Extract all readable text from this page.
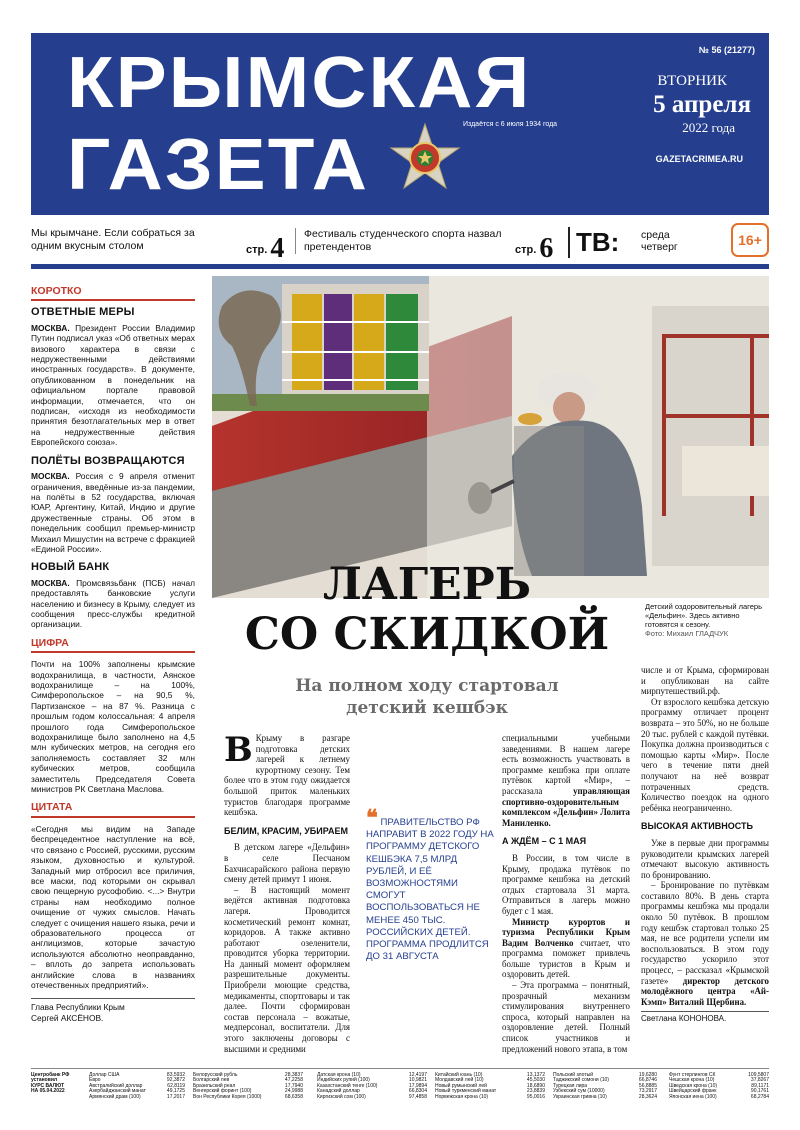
КРЫМСКАЯ
ГАЗЕТА
Издаётся с 6 июля 1934 года
№ 56 (21277)
ВТОРНИК
5 апреля
2022 года
GAZETACRIMEA.RU
Мы крымчане. Если собраться за одним вкусным столом	стр. 4	Фестиваль студенческого спорта назвал претендентов	стр. 6 ТВ: среда четверг	16+
КОРОТКО
ОТВЕТНЫЕ МЕРЫ
МОСКВА. Президент России Владимир Путин подписал указ «Об ответных мерах визового характера в связи с недружественными действиями иностранных государств». В документе, опубликованном в понедельник на официальном портале правовой информации, отмечается, что он подписан, «исходя из необходимости принятия безотлагательных мер в ответ на недружественные действия Европейского союза».
ПОЛЁТЫ ВОЗВРАЩАЮТСЯ
МОСКВА. Россия с 9 апреля отменит ограничения, введённые из-за пандемии, на полёты в 52 государства, включая ЮАР, Аргентину, Китай, Индию и другие дружественные страны. Об этом в понедельник сообщил премьер-министр Михаил Мишустин на встрече с фракцией «Единой России».
НОВЫЙ БАНК
МОСКВА. Промсвязьбанк (ПСБ) начал предоставлять банковские услуги населению и бизнесу в Крыму, следует из сообщения пресс-службы кредитной организации.
ЦИФРА
Почти на 100% заполнены крымские водохранилища, в частности, Аянское водохранилище – на 100%, Симферопольское – на 90,5 %, Партизанское – на 87 %. Разница с прошлым годом колоссальная: 4 апреля прошлого года Симферопольское водохранилище было заполнено на 4,5 млн кубических метров, на сегодня его заполняемость составляет 32 млн кубических метров, сообщила заместитель Председателя Совета министров РК Светлана Маслова.
ЦИТАТА
«Сегодня мы видим на Западе беспрецедентное наступление на всё, что связано с Россией, русскими, русским языком, духовностью и культурой. Западный мир отбросил все приличия, все маски, под которыми он скрывал свою пещерную русофобию. <...> Внутри страны нам необходимо полное очищение от чужих смыслов. Начать следует с очищения нашего языка, речи и образовательного процесса от англицизмов, которые зачастую используются абсолютно неоправданно, – вплоть до запрета использовать английские слова в названиях отечественных предприятий».
Глава Республики Крым
Сергей АКСЁНОВ.
Детский оздоровительный лагерь «Дельфин». Здесь активно готовятся к сезону.
Фото: Михаил ГЛАДЧУК
ЛАГЕРЬ
СО СКИДКОЙ
На полном ходу стартовал
детский кешбэк
В Крыму в разгаре подготовка детских лагерей к летнему курортному сезону. Тем более что в этом году ожидается большой приток маленьких туристов благодаря программе кешбэка.
БЕЛИМ, КРАСИМ, УБИРАЕМ

В детском лагере «Дельфин» в селе Песчаном Бахчисарайского района первую смену детей примут 1 июня.

– В настоящий момент ведётся активная подготовка лагеря. Проводится косметический ремонт комнат, коридоров. А также активно работают озеленители, проводится уборка территории. На данный момент оформляем разрешительные документы. Приобрели моющие средства, медикаменты, спортговары и так далее. Почти сформирован состав персонала – вожатые, медперсонал, воспитатели. Для этого заключены договоры с высшими и средними

❝ ПРАВИТЕЛЬСТВО РФ НАПРАВИТ В 2022 ГОДУ НА ПРОГРАММУ ДЕТСКОГО КЕШБЭКА 7,5 МЛРД РУБЛЕЙ, И ЕЁ ВОЗМОЖНОСТЯМИ СМОГУТ ВОСПОЛЬЗОВАТЬСЯ НЕ МЕНЕЕ 450 ТЫС. РОССИЙСКИХ ДЕТЕЙ. ПРОГРАММА ПРОДЛИТСЯ ДО 31 АВГУСТА

специальными учебными заведениями. В нашем лагере есть возможность участвовать в программе кешбэка при оплате путёвок картой «Мир», – рассказала	управляющая спортивно-оздоровительным комплексом «Дельфин» Лолита Маниленко.

А ЖДЁМ – С 1 МАЯ

В России, в том числе в Крыму, продажа путёвок по программе кешбэка на детский отдых стартовала 31 марта. Отправиться в лагерь можно будет с 1 мая.

Министр курортов и туризма Республики Крым Вадим Волченко считает, что программа поможет привлечь больше туристов в Крым и оздоровить детей.

– Эта программа – понятный, прозрачный механизм стимулирования внутреннего спроса, который направлен на оздоровление детей. Полный список участников и предложений нового этапа, в том

числе и от Крыма, сформирован и опубликован на сайте мирпутешествий.рф.

От взрослого кешбэка детскую программу отличает процент возврата – это 50%, но не больше 20 тыс. рублей с каждой путёвки. Покупка должна производиться с помощью карты «Мир». После чего в течение пяти дней получают на неё возврат потраченных средств. Количество поездок на одного ребёнка неограниченно.

ВЫСОКАЯ АКТИВНОСТЬ

Уже в первые дни программы руководители крымских лагерей отмечают высокую активность по бронированию.

– Бронирование по путёвкам составило 80%. В день старта программы кешбэка мы продали около 50 путёвок. В прошлом году кешбэк стартовал только 25 мая, не все родители успели им воспользоваться. В этом году государство ускорило этот процесс, – рассказал «Крымской газете» директор детского молодёжного центра «Ай-Кэмп» Виталий Щербина.

Светлана КОНОНОВА.
Центробанк РФ
установил
КУРС ВАЛЮТ
НА 05.04.2022
Доллар США	83,5932
Евро	92,3872
Австралийский доллар	62,8119
Азербайджанский манат	49,1725
Армянский драм (100)	17,2017
Белорусский рубль	28,3837
Болгарский лев	47,2258
Бразильский реал	17,7940
Венгерский форинт (100)	24,9988
Вон Республики Корея (1000)	68,6358
Датская крона (10)	12,4197
Индийских рупий (100)	10,9821
Казахстанский тенге (100)	17,9894
Канадский доллар	66,8304
Киргизский сом (100)	97,4858
Китайский юань (10)	13,1372
Молдавский лей (10)	45,5030
Новый румынский лей	18,6890
Новый туркменский манат	23,8839
Норвежская крона (10)	95,0016
Польский злотый	19,6280
Таджикский сомони (10)	66,8746
Турецкая лира	56,8885
Узбекский сум (10000)	73,2917
Украинская гривна (10)	28,3624
Фунт стерлингов СК	109,5807
Чешская крона (10)	37,8267
Шведская крона (10)	89,1171
Швейцарский франк	90,1761
Японская иена (100)	68,2784
